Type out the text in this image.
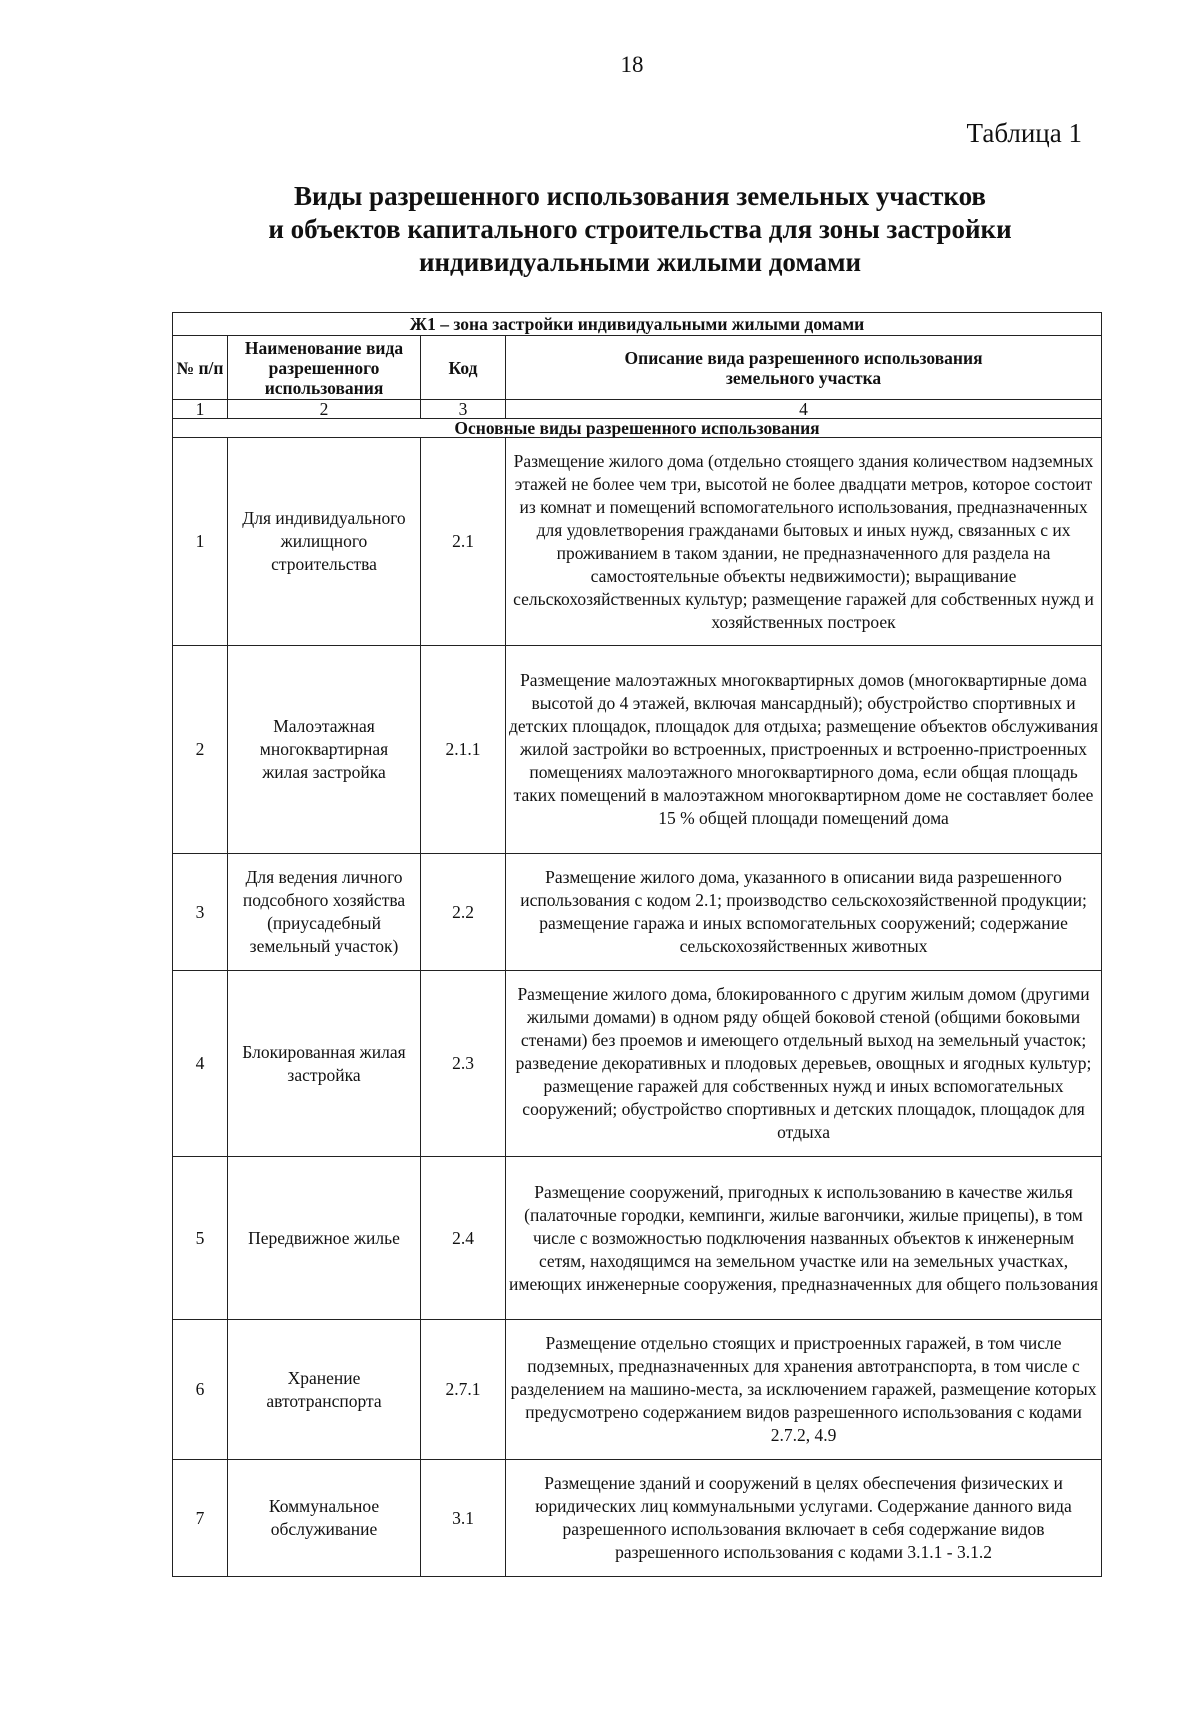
18
Таблица 1
Виды разрешенного использования земельных участков
и объектов капитального строительства для зоны застройки
индивидуальными жилыми домами
Ж1 – зона застройки индивидуальными жилыми домами			
№ п/п	Наименование вида разрешенного использования	Код	Описание вида разрешенного использования земельного участка
1	2	3	4
Основные виды разрешенного использования			
1	Для индивидуального жилищного строительства	2.1	Размещение жилого дома (отдельно стоящего здания количеством надземных этажей не более чем три, высотой не более двадцати метров, которое состоит из комнат и помещений вспомогательного использования, предназначенных для удовлетворения гражданами бытовых и иных нужд, связанных с их проживанием в таком здании, не предназначенного для раздела на самостоятельные объекты недвижимости); выращивание сельскохозяйственных культур; размещение гаражей для собственных нужд и хозяйственных построек
2	Малоэтажная многоквартирная жилая застройка	2.1.1	Размещение малоэтажных многоквартирных домов (многоквартирные дома высотой до 4 этажей, включая мансардный); обустройство спортивных и детских площадок, площадок для отдыха; размещение объектов обслуживания жилой застройки во встроенных, пристроенных и встроенно-пристроенных помещениях малоэтажного многоквартирного дома, если общая площадь таких помещений в малоэтажном многоквартирном доме не составляет более 15 % общей площади помещений дома
3	Для ведения личного подсобного хозяйства (приусадебный земельный участок)	2.2	Размещение жилого дома, указанного в описании вида разрешенного использования с кодом 2.1; производство сельскохозяйственной продукции; размещение гаража и иных вспомогательных сооружений; содержание сельскохозяйственных животных
4	Блокированная жилая застройка	2.3	Размещение жилого дома, блокированного с другим жилым домом (другими жилыми домами) в одном ряду общей боковой стеной (общими боковыми стенами) без проемов и имеющего отдельный выход на земельный участок; разведение декоративных и плодовых деревьев, овощных и ягодных культур; размещение гаражей для собственных нужд и иных вспомогательных сооружений; обустройство спортивных и детских площадок, площадок для отдыха
5	Передвижное жилье	2.4	Размещение сооружений, пригодных к использованию в качестве жилья (палаточные городки, кемпинги, жилые вагончики, жилые прицепы), в том числе с возможностью подключения названных объектов к инженерным сетям, находящимся на земельном участке или на земельных участках, имеющих инженерные сооружения, предназначенных для общего пользования
6	Хранение автотранспорта	2.7.1	Размещение отдельно стоящих и пристроенных гаражей, в том числе подземных, предназначенных для хранения автотранспорта, в том числе с разделением на машино-места, за исключением гаражей, размещение которых предусмотрено содержанием видов разрешенного использования с кодами 2.7.2, 4.9
7	Коммунальное обслуживание	3.1	Размещение зданий и сооружений в целях обеспечения физических и юридических лиц коммунальными услугами. Содержание данного вида разрешенного использования включает в себя содержание видов разрешенного использования с кодами 3.1.1 - 3.1.2
